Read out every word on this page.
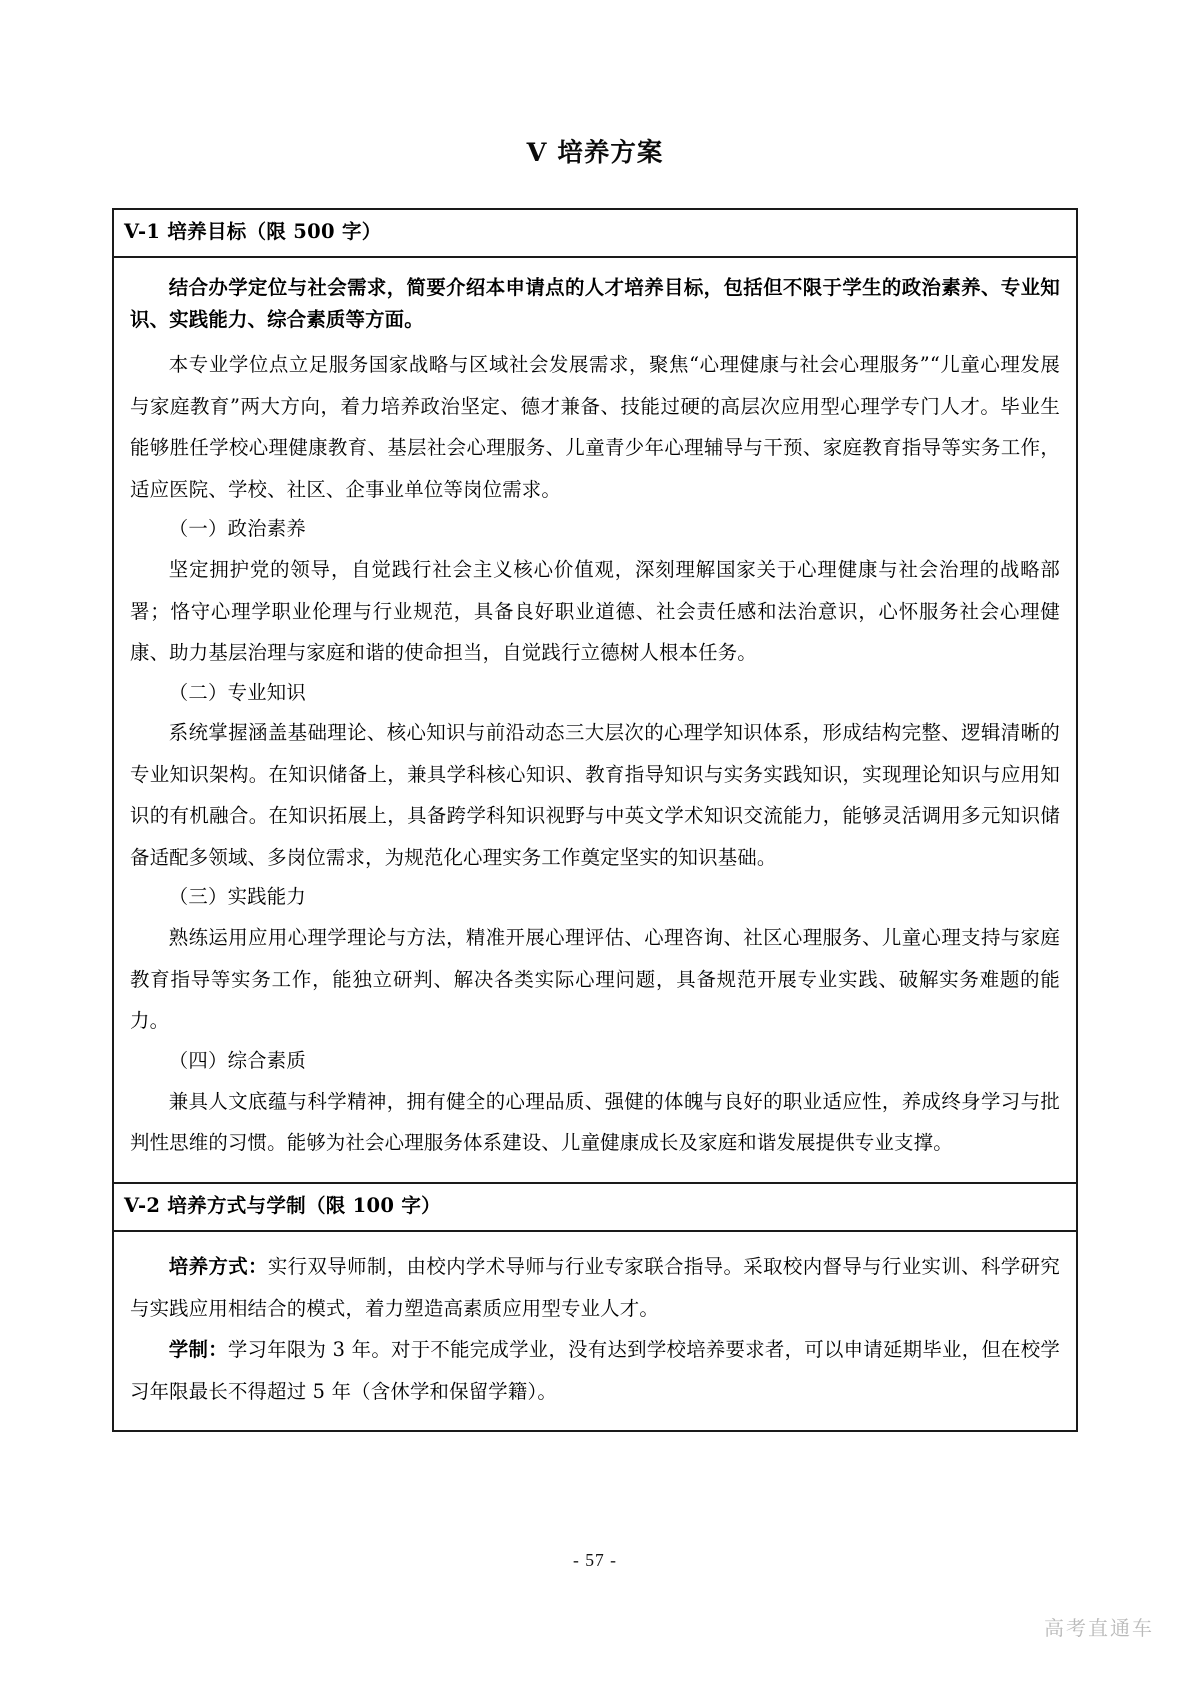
V 培养方案
V-1 培养目标（限 500 字）

结合办学定位与社会需求，简要介绍本申请点的人才培养目标，包括但不限于学生的政治素养、专业知识、实践能力、综合素质等方面。

本专业学位点立足服务国家战略与区域社会发展需求，聚焦“心理健康与社会心理服务”“儿童心理发展与家庭教育”两大方向，着力培养政治坚定、德才兼备、技能过硬的高层次应用型心理学专门人才。毕业生能够胜任学校心理健康教育、基层社会心理服务、儿童青少年心理辅导与干预、家庭教育指导等实务工作，适应医院、学校、社区、企事业单位等岗位需求。

（一）政治素养

坚定拥护党的领导，自觉践行社会主义核心价值观，深刻理解国家关于心理健康与社会治理的战略部署；恪守心理学职业伦理与行业规范，具备良好职业道德、社会责任感和法治意识，心怀服务社会心理健康、助力基层治理与家庭和谐的使命担当，自觉践行立德树人根本任务。

（二）专业知识

系统掌握涵盖基础理论、核心知识与前沿动态三大层次的心理学知识体系，形成结构完整、逻辑清晰的专业知识架构。在知识储备上，兼具学科核心知识、教育指导知识与实务实践知识，实现理论知识与应用知识的有机融合。在知识拓展上，具备跨学科知识视野与中英文学术知识交流能力，能够灵活调用多元知识储备适配多领域、多岗位需求，为规范化心理实务工作奠定坚实的知识基础。

（三）实践能力

熟练运用应用心理学理论与方法，精准开展心理评估、心理咨询、社区心理服务、儿童心理支持与家庭教育指导等实务工作，能独立研判、解决各类实际心理问题，具备规范开展专业实践、破解实务难题的能力。

（四）综合素质

兼具人文底蕴与科学精神，拥有健全的心理品质、强健的体魄与良好的职业适应性，养成终身学习与批判性思维的习惯。能够为社会心理服务体系建设、儿童健康成长及家庭和谐发展提供专业支撑。

V-2 培养方式与学制（限 100 字）

培养方式：实行双导师制，由校内学术导师与行业专家联合指导。采取校内督导与行业实训、科学研究与实践应用相结合的模式，着力塑造高素质应用型专业人才。

学制：学习年限为 3 年。对于不能完成学业，没有达到学校培养要求者，可以申请延期毕业，但在校学习年限最长不得超过 5 年（含休学和保留学籍）。

- 57 -
高考直通车
